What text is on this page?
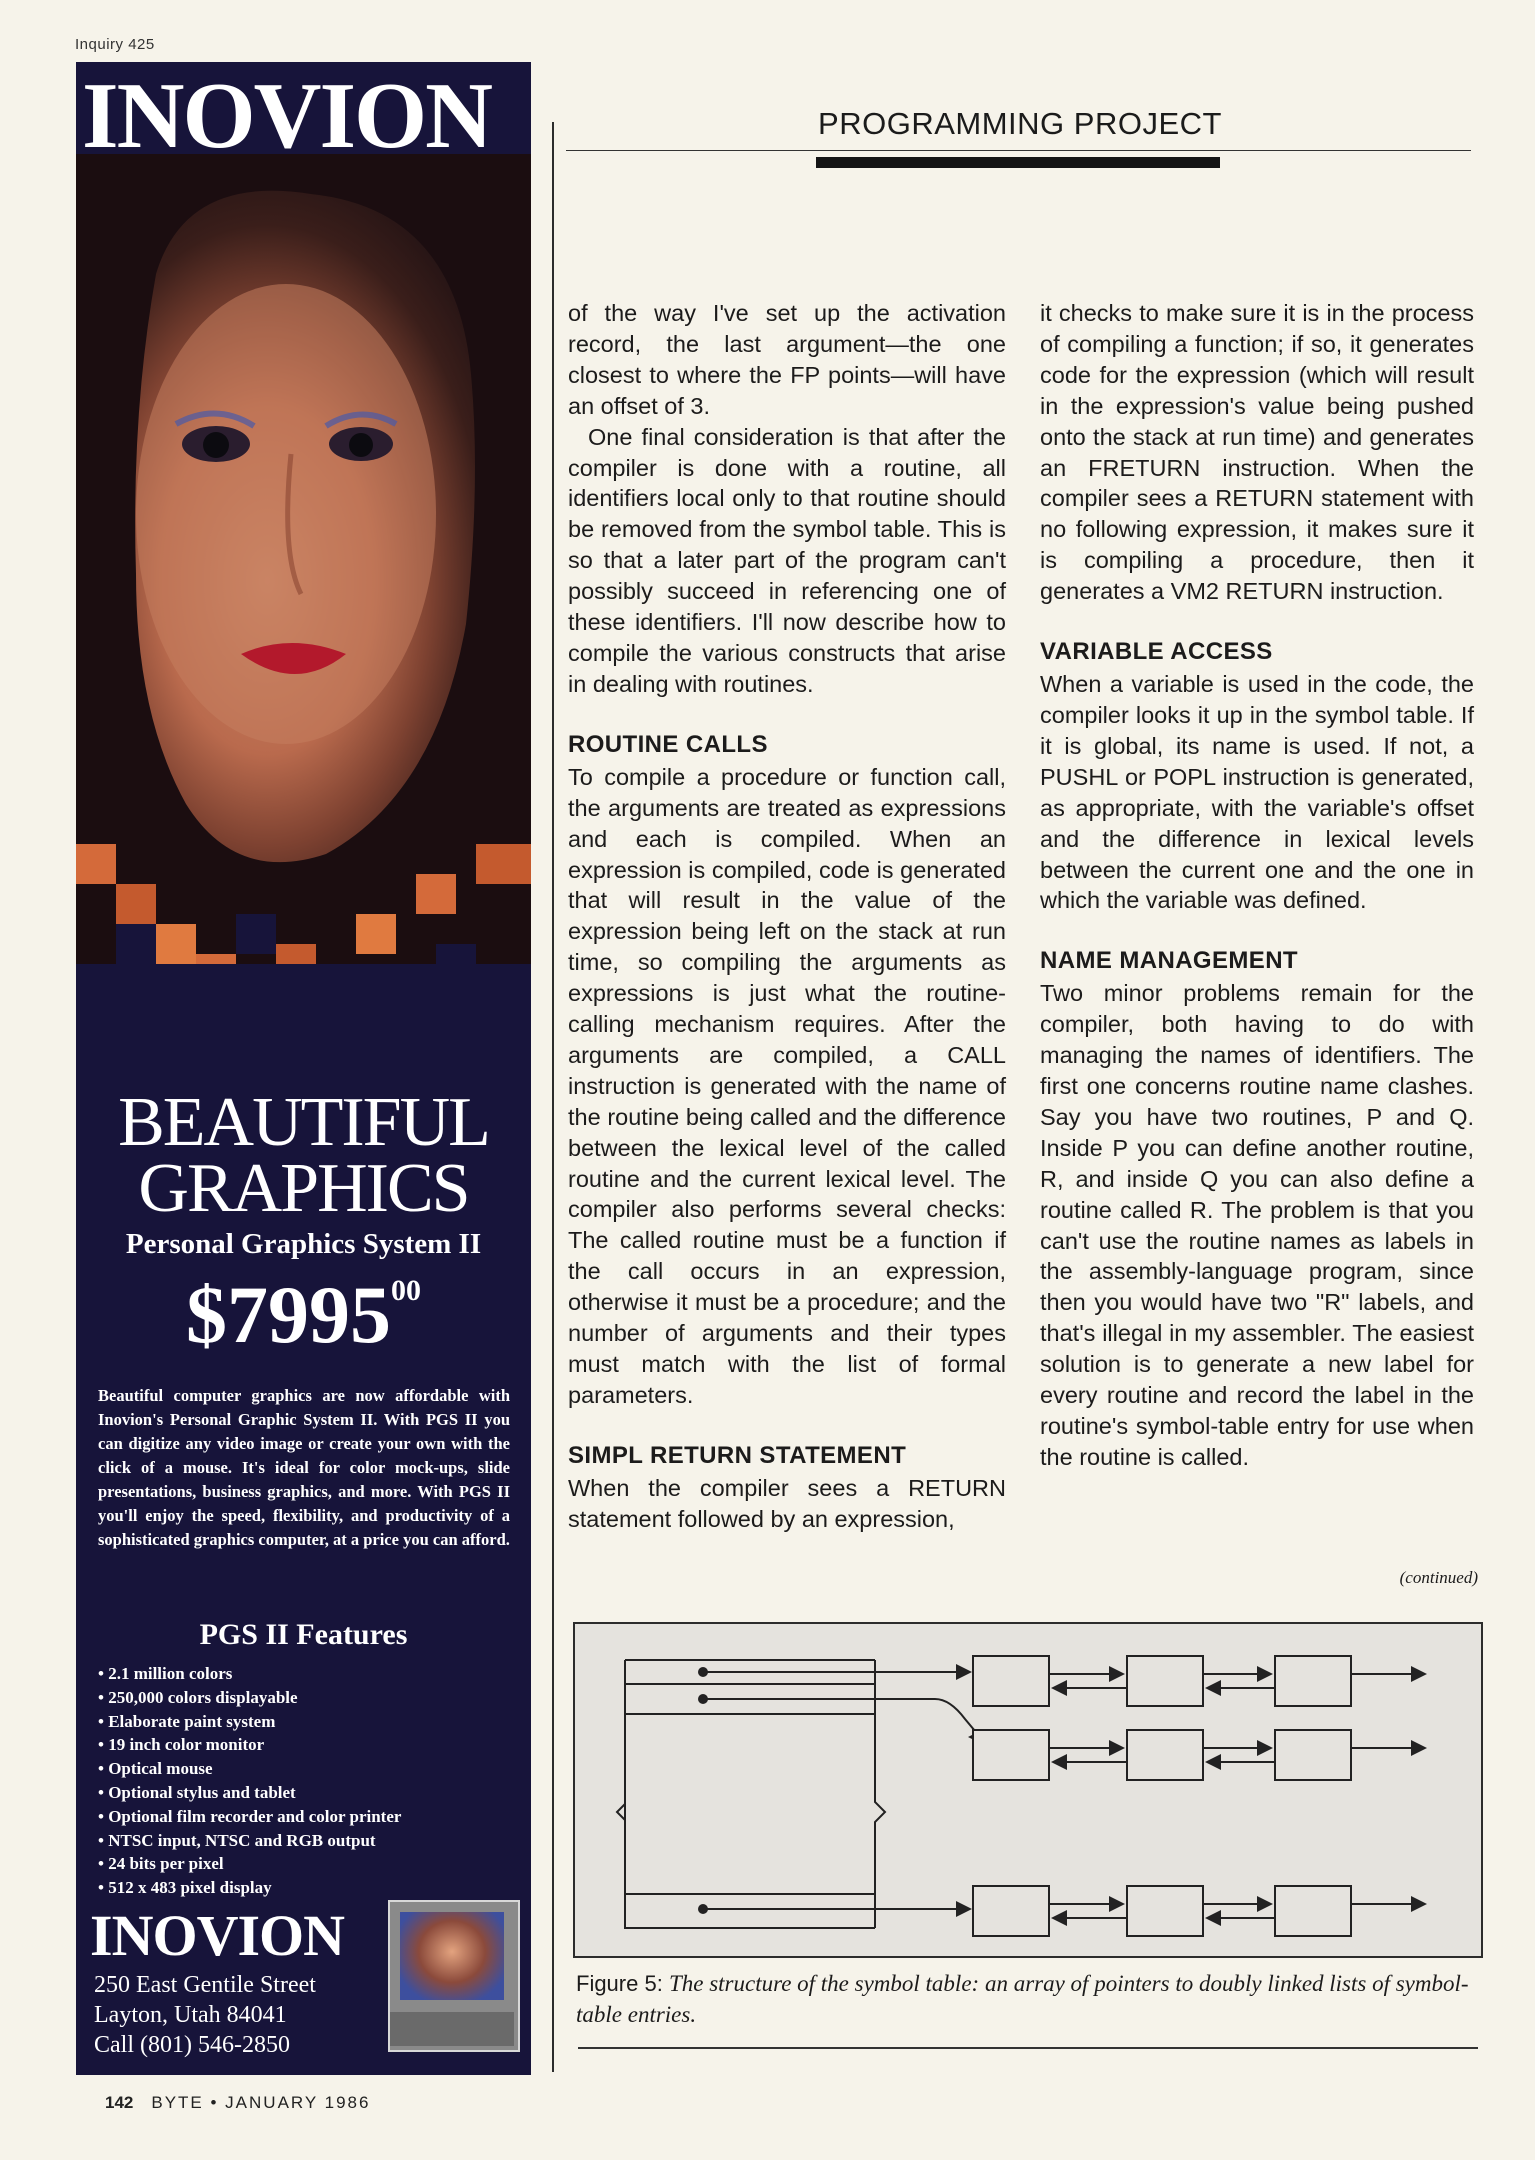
Inquiry 425
PROGRAMMING PROJECT
INOVION
BEAUTIFUL
GRAPHICS
Personal Graphics System II
$7995$^{00}$
Beautiful computer graphics are now affordable with Inovion's Personal Graphic System II. With PGS II you can digitize any video image or create your own with the click of a mouse. It's ideal for color mock-ups, slide presentations, business graphics, and more. With PGS II you'll enjoy the speed, flexibility, and productivity of a sophisticated graphics computer, at a price you can afford.
PGS II Features
• 2.1 million colors
• 250,000 colors displayable
• Elaborate paint system
• 19 inch color monitor
• Optical mouse
• Optional stylus and tablet
• Optional film recorder and color printer
• NTSC input, NTSC and RGB output
• 24 bits per pixel
• 512 x 483 pixel display
INOVION
250 East Gentile Street
Layton, Utah 84041
Call (801) 546-2850

of the way I've set up the activation record, the last argument—the one closest to where the FP points—will have an offset of 3.

One final consideration is that after the compiler is done with a routine, all identifiers local only to that routine should be removed from the symbol table. This is so that a later part of the program can't possibly succeed in referencing one of these identifiers. I'll now describe how to compile the various constructs that arise in dealing with routines.

ROUTINE CALLS

To compile a procedure or function call, the arguments are treated as expressions and each is compiled. When an expression is compiled, code is generated that will result in the value of the expression being left on the stack at run time, so compiling the arguments as expressions is just what the routine-calling mechanism requires. After the arguments are compiled, a CALL instruction is generated with the name of the routine being called and the difference between the lexical level of the called routine and the current lexical level. The compiler also performs several checks: The called routine must be a function if the call occurs in an expression, otherwise it must be a procedure; and the number of arguments and their types must match with the list of formal parameters.

SIMPL RETURN STATEMENT

When the compiler sees a RETURN statement followed by an expression,

it checks to make sure it is in the process of compiling a function; if so, it generates code for the expression (which will result in the expression's value being pushed onto the stack at run time) and generates an FRETURN instruction. When the compiler sees a RETURN statement with no following expression, it makes sure it is compiling a procedure, then it generates a VM2 RETURN instruction.

VARIABLE ACCESS

When a variable is used in the code, the compiler looks it up in the symbol table. If it is global, its name is used. If not, a PUSHL or POPL instruction is generated, as appropriate, with the variable's offset and the difference in lexical levels between the current one and the one in which the variable was defined.

NAME MANAGEMENT

Two minor problems remain for the compiler, both having to do with managing the names of identifiers. The first one concerns routine name clashes. Say you have two routines, P and Q. Inside P you can define another routine, R, and inside Q you can also define a routine called R. The problem is that you can't use the routine names as labels in the assembly-language program, since then you would have two "R" labels, and that's illegal in my assembler. The easiest solution is to generate a new label for every routine and record the label in the routine's symbol-table entry for use when the routine is called.

(continued)
Figure 5: The structure of the symbol table: an array of pointers to doubly linked lists of symbol-table entries.
142 BYTE • JANUARY 1986
